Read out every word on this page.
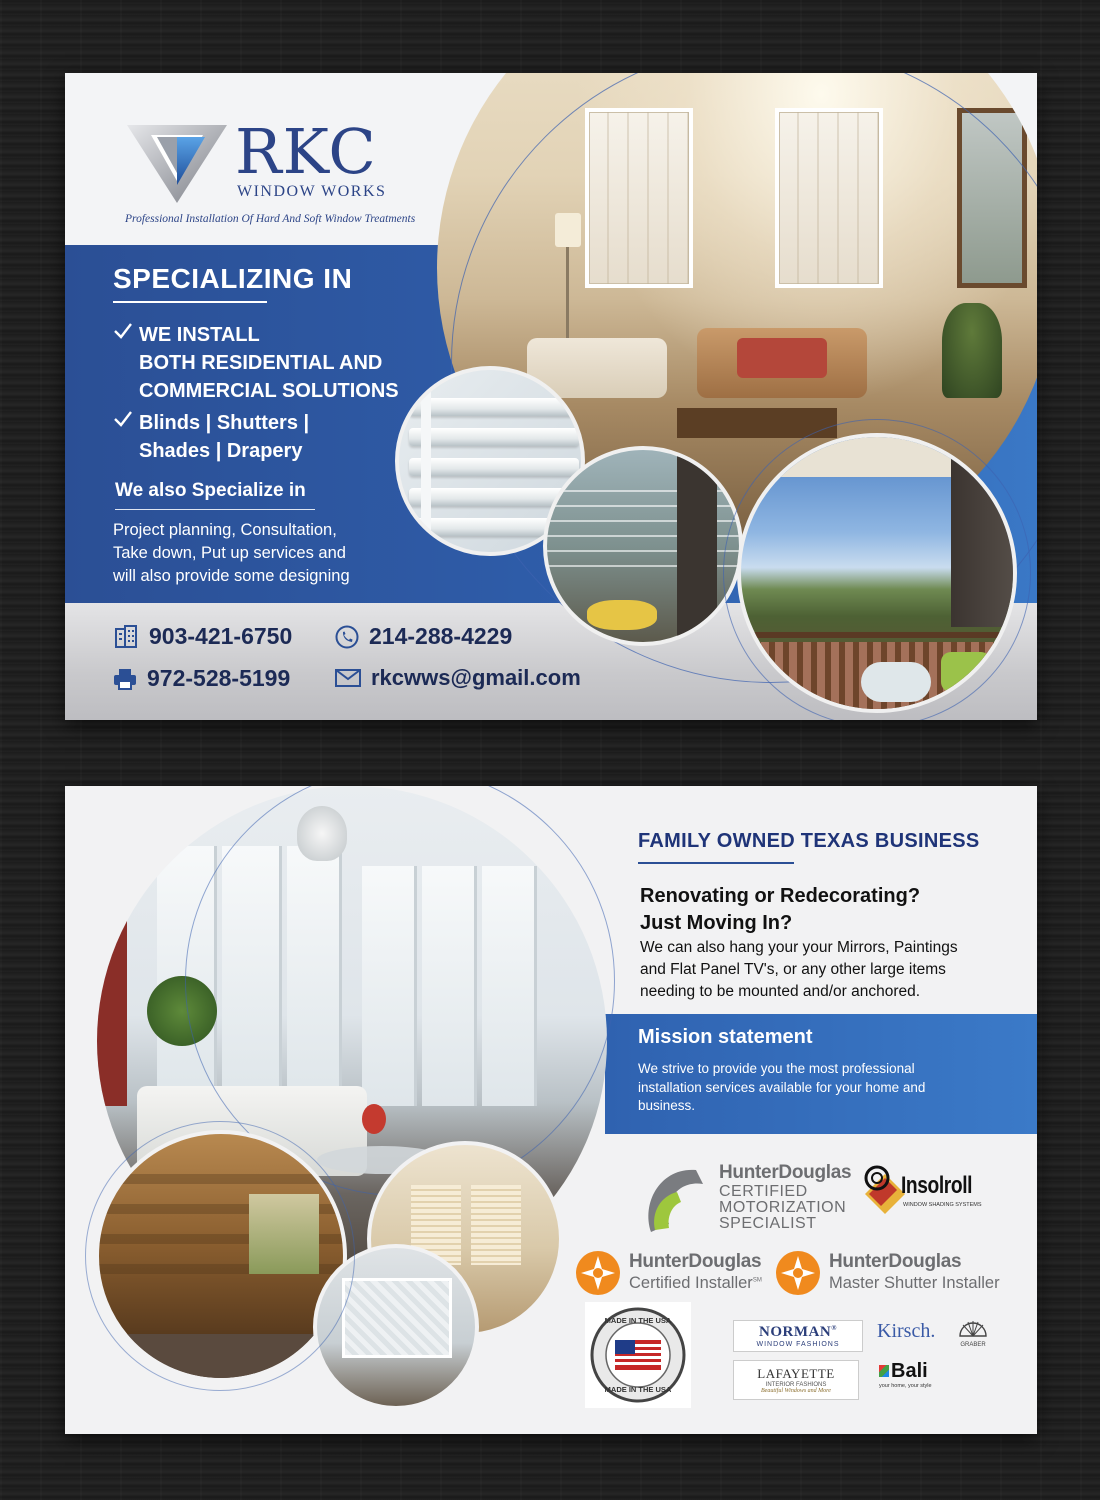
RKC
WINDOW WORKS
Professional Installation Of Hard And Soft Window Treatments
SPECIALIZING IN
WE INSTALL
BOTH RESIDENTIAL AND
COMMERCIAL SOLUTIONS
Blinds | Shutters |
Shades | Drapery
We also Specialize in
Project planning, Consultation,
Take down, Put up services and
will also provide some designing
903-421-6750	214-288-4229
972-528-5199	rkcwws@gmail.com
FAMILY OWNED TEXAS BUSINESS
Renovating or Redecorating?
Just Moving In?
We can also hang your your Mirrors, Paintings
and Flat Panel TV's, or any other large items
needing to be mounted and/or anchored.
Mission statement
We strive to provide you the most professional
installation services available for your home and
business.
HunterDouglas
CERTIFIED
MOTORIZATION
SPECIALIST
Insolroll
WINDOW SHADING SYSTEMS
HunterDouglas
Certified Installer℠
HunterDouglas
Master Shutter Installer
MADE IN THE USA
MADE IN THE USA
NORMAN®
WINDOW FASHIONS
Kirsch.
GRABER
LAFAYETTE
INTERIOR FASHIONS
Beautiful Windows and More
Bali
your home, your style
